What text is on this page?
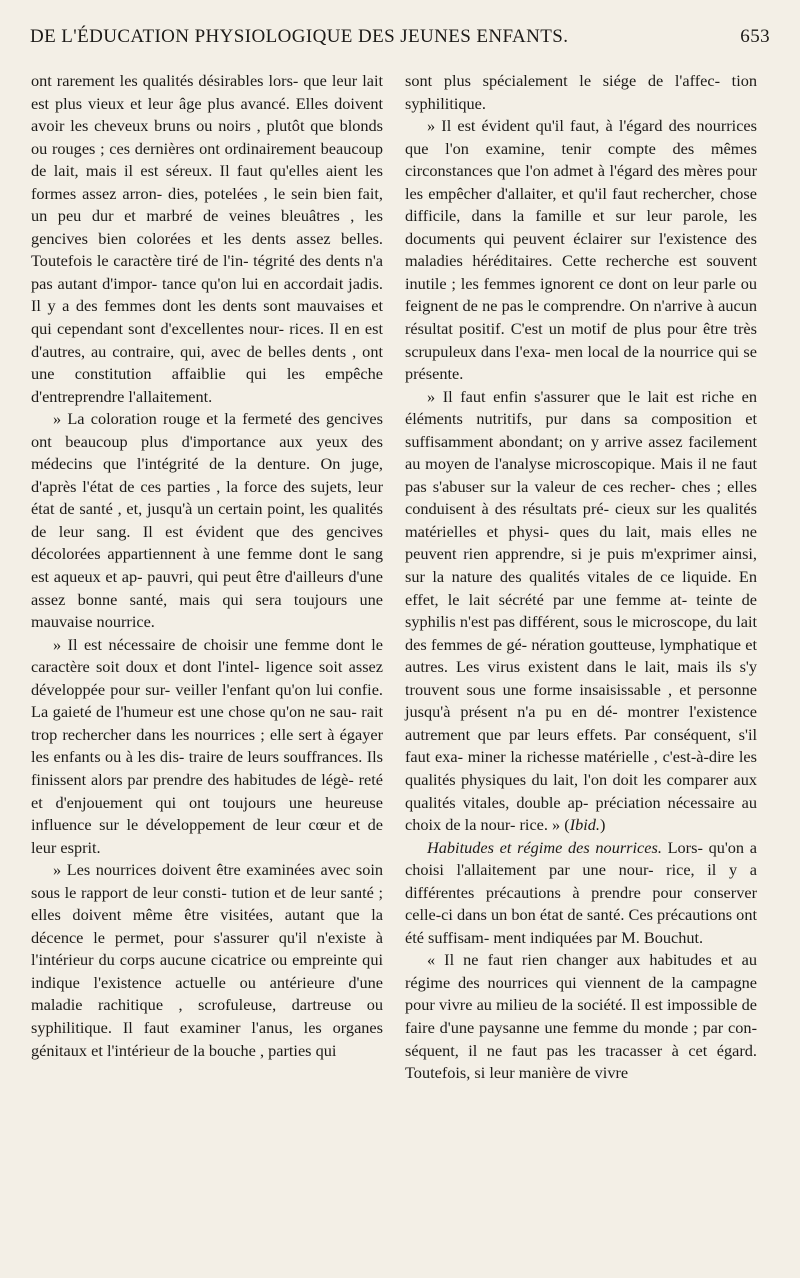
DE L'ÉDUCATION PHYSIOLOGIQUE DES JEUNES ENFANTS.	653

ont rarement les qualités désirables lors- que leur lait est plus vieux et leur âge plus avancé. Elles doivent avoir les cheveux bruns ou noirs , plutôt que blonds ou rouges ; ces dernières ont ordinairement beaucoup de lait, mais il est séreux. Il faut qu'elles aient les formes assez arron- dies, potelées , le sein bien fait, un peu dur et marbré de veines bleuâtres , les gencives bien colorées et les dents assez belles. Toutefois le caractère tiré de l'in- tégrité des dents n'a pas autant d'impor- tance qu'on lui en accordait jadis. Il y a des femmes dont les dents sont mauvaises et qui cependant sont d'excellentes nour- rices. Il en est d'autres, au contraire, qui, avec de belles dents , ont une constitution affaiblie qui les empêche d'entreprendre l'allaitement.

» La coloration rouge et la fermeté des gencives ont beaucoup plus d'importance aux yeux des médecins que l'intégrité de la denture. On juge, d'après l'état de ces parties , la force des sujets, leur état de santé , et, jusqu'à un certain point, les qualités de leur sang. Il est évident que des gencives décolorées appartiennent à une femme dont le sang est aqueux et ap- pauvri, qui peut être d'ailleurs d'une assez bonne santé, mais qui sera toujours une mauvaise nourrice.

» Il est nécessaire de choisir une femme dont le caractère soit doux et dont l'intel- ligence soit assez développée pour sur- veiller l'enfant qu'on lui confie. La gaieté de l'humeur est une chose qu'on ne sau- rait trop rechercher dans les nourrices ; elle sert à égayer les enfants ou à les dis- traire de leurs souffrances. Ils finissent alors par prendre des habitudes de légè- reté et d'enjouement qui ont toujours une heureuse influence sur le développement de leur cœur et de leur esprit.

» Les nourrices doivent être examinées avec soin sous le rapport de leur consti- tution et de leur santé ; elles doivent même être visitées, autant que la décence le permet, pour s'assurer qu'il n'existe à l'intérieur du corps aucune cicatrice ou empreinte qui indique l'existence actuelle ou antérieure d'une maladie rachitique , scrofuleuse, dartreuse ou syphilitique. Il faut examiner l'anus, les organes génitaux et l'intérieur de la bouche , parties qui

sont plus spécialement le siége de l'affec- tion syphilitique.

» Il est évident qu'il faut, à l'égard des nourrices que l'on examine, tenir compte des mêmes circonstances que l'on admet à l'égard des mères pour les empêcher d'allaiter, et qu'il faut rechercher, chose difficile, dans la famille et sur leur parole, les documents qui peuvent éclairer sur l'existence des maladies héréditaires. Cette recherche est souvent inutile ; les femmes ignorent ce dont on leur parle ou feignent de ne pas le comprendre. On n'arrive à aucun résultat positif. C'est un motif de plus pour être très scrupuleux dans l'exa- men local de la nourrice qui se présente.

» Il faut enfin s'assurer que le lait est riche en éléments nutritifs, pur dans sa composition et suffisamment abondant; on y arrive assez facilement au moyen de l'analyse microscopique. Mais il ne faut pas s'abuser sur la valeur de ces recher- ches ; elles conduisent à des résultats pré- cieux sur les qualités matérielles et physi- ques du lait, mais elles ne peuvent rien apprendre, si je puis m'exprimer ainsi, sur la nature des qualités vitales de ce liquide. En effet, le lait sécrété par une femme at- teinte de syphilis n'est pas différent, sous le microscope, du lait des femmes de gé- nération goutteuse, lymphatique et autres. Les virus existent dans le lait, mais ils s'y trouvent sous une forme insaisissable , et personne jusqu'à présent n'a pu en dé- montrer l'existence autrement que par leurs effets. Par conséquent, s'il faut exa- miner la richesse matérielle , c'est-à-dire les qualités physiques du lait, l'on doit les comparer aux qualités vitales, double ap- préciation nécessaire au choix de la nour- rice. » (Ibid.)

Habitudes et régime des nourrices. Lors- qu'on a choisi l'allaitement par une nour- rice, il y a différentes précautions à prendre pour conserver celle-ci dans un bon état de santé. Ces précautions ont été suffisam- ment indiquées par M. Bouchut.

« Il ne faut rien changer aux habitudes et au régime des nourrices qui viennent de la campagne pour vivre au milieu de la société. Il est impossible de faire d'une paysanne une femme du monde ; par con- séquent, il ne faut pas les tracasser à cet égard. Toutefois, si leur manière de vivre
